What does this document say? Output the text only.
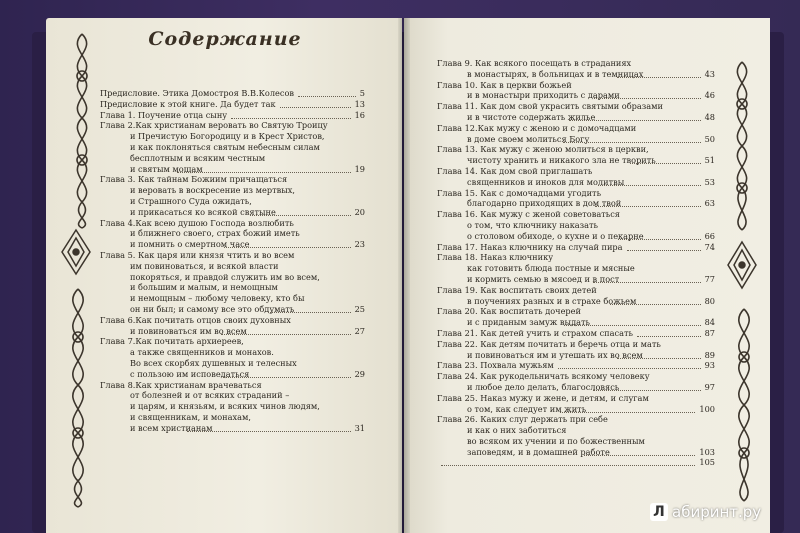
Содержание
Предисловие. Этика Домостроя В.В.Колесов	5
Предисловие к этой книге. Да будет так	13
Глава 1. Поучение отца сыну	16
Глава 2.Как христианам веровать во Святую Троицу
и Пречистую Богородицу и в Крест Христов,
и как поклоняться святым небесным силам
бесплотным и всяким честным
и святым мощам	19
Глава 3. Как тайнам Божиим причащаться
и веровать в воскресение из мертвых,
и Страшного Суда ожидать,
и прикасаться ко всякой святыне	20
Глава 4.Как всею душою Господа возлюбить
и ближнего своего, страх божий иметь
и помнить о смертном часе	23
Глава 5. Как царя или князя чтить и во всем
им повиноваться, и всякой власти
покоряться, и правдой служить им во всем,
и большим и малым, и немощным
и немощным – любому человеку, кто бы
он ни был; и самому все это обдумать	25
Глава 6.Как почитать отцов своих духовных
и повиноваться им во всем	27
Глава 7.Как почитать архиереев,
а также священников и монахов.
Во всех скорбях душевных и телесных
с пользою им исповедаться	29
Глава 8.Как христианам врачеваться
от болезней и от всяких страданий –
и царям, и князьям, и всяких чинов людям,
и священникам, и монахам,
и всем христианам	31
Глава 9. Как всякого посещать в страданиях
в монастырях, в больницах и в темницах	43
Глава 10. Как в церкви божьей
и в монастыри приходить с дарами	46
Глава 11. Как дом свой украсить святыми образами
и в чистоте содержать жилье	48
Глава 12.Как мужу с женою и с домочадцами
в доме своем молиться Богу	50
Глава 13. Как мужу с женою молиться в церкви,
чистоту хранить и никакого зла не творить	51
Глава 14. Как дом свой приглашать
священников и иноков для молитвы	53
Глава 15. Как с домочадцами угодить
благодарно приходящих в дом твой	63
Глава 16. Как мужу с женой советоваться
о том, что ключнику наказать
о столовом обиходе, о кухне и о пекарне	66
Глава 17. Наказ ключнику на случай пира	74
Глава 18. Наказ ключнику
как готовить блюда постные и мясные
и кормить семью в мясоед и в пост	77
Глава 19. Как воспитать своих детей
в поучениях разных и в страхе божьем	80
Глава 20. Как воспитать дочерей
и с приданым замуж выдать	84
Глава 21. Как детей учить и страхом спасать	87
Глава 22. Как детям почитать и беречь отца и мать
и повиноваться им и утешать их во всем	89
Глава 23. Похвала мужьям	93
Глава 24. Как рукодельничать всякому человеку
и любое дело делать, благословясь	97
Глава 25. Наказ мужу и жене, и детям, и слугам
о том, как следует им жить	100
Глава 26. Каких слуг держать при себе
и как о них заботиться
во всяком их учении и по божественным
заповедям, и в домашней работе	103
105
Л абиринт.ру
